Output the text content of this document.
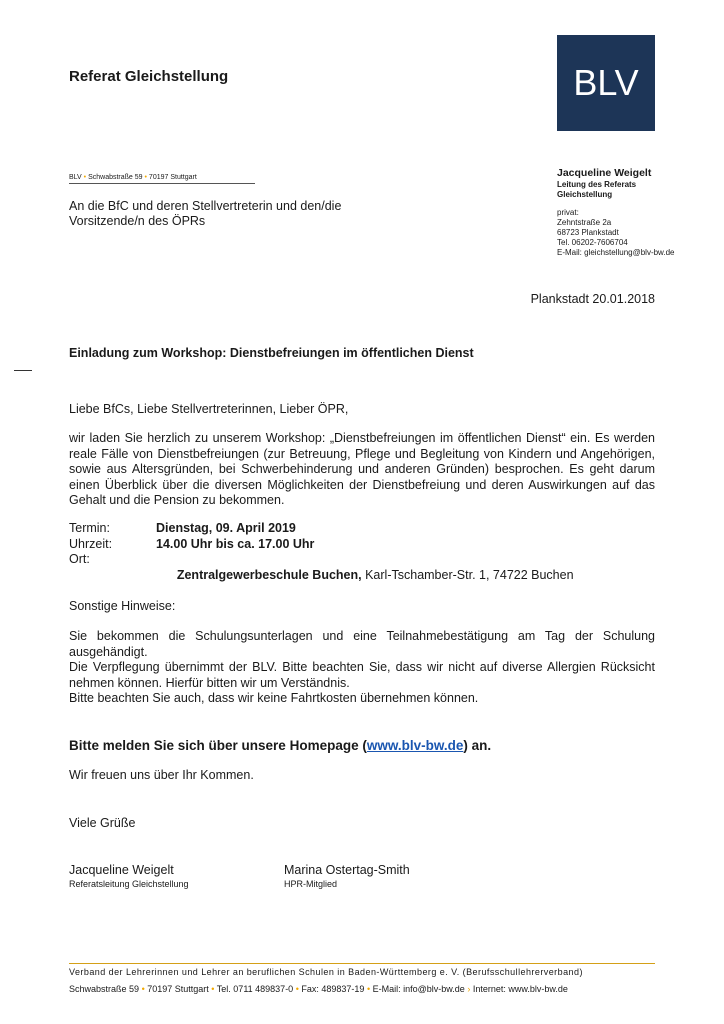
Referat Gleichstellung	BLV
BLV • Schwabstraße 59 • 70197 Stuttgart
An die BfC und deren Stellvertreterin und den/die
Vorsitzende/n des ÖPRs
Jacqueline Weigelt
Leitung des Referats
Gleichstellung
privat:
Zehntstraße 2a
68723 Plankstadt
Tel. 06202-7606704
E-Mail: gleichstellung@blv-bw.de
Plankstadt 20.01.2018
Einladung zum Workshop: Dienstbefreiungen im öffentlichen Dienst
Liebe BfCs, Liebe Stellvertreterinnen, Lieber ÖPR,
wir laden Sie herzlich zu unserem Workshop: „Dienstbefreiungen im öffentlichen Dienst“ ein. Es werden reale Fälle von Dienstbefreiungen (zur Betreuung, Pflege und Begleitung von Kindern und Angehörigen, sowie aus Altersgründen, bei Schwerbehinderung und anderen Gründen) besprochen. Es geht darum einen Überblick über die diversen Möglichkeiten der Dienstbefreiung und deren Auswirkungen auf das Gehalt und die Pension zu bekommen.
Termin:	Dienstag, 09. April 2019
Uhrzeit:	14.00 Uhr bis ca. 17.00 Uhr
Ort:

Zentralgewerbeschule Buchen, Karl-Tschamber-Str. 1, 74722 Buchen

Sonstige Hinweise:
Sie bekommen die Schulungsunterlagen und eine Teilnahmebestätigung am Tag der Schulung ausgehändigt.
Die Verpflegung übernimmt der BLV. Bitte beachten Sie, dass wir nicht auf diverse Allergien Rücksicht nehmen können. Hierfür bitten wir um Verständnis.
Bitte beachten Sie auch, dass wir keine Fahrtkosten übernehmen können.
Bitte melden Sie sich über unsere Homepage (www.blv-bw.de) an.
Wir freuen uns über Ihr Kommen.
Viele Grüße
Jacqueline Weigelt
Referatsleitung Gleichstellung
Marina Ostertag-Smith
HPR-Mitglied
Verband der Lehrerinnen und Lehrer an beruflichen Schulen in Baden-Württemberg e. V. (Berufsschullehrerverband)
Schwabstraße 59 • 70197 Stuttgart • Tel. 0711 489837-0 • Fax: 489837-19 • E-Mail: info@blv-bw.de › Internet: www.blv-bw.de
